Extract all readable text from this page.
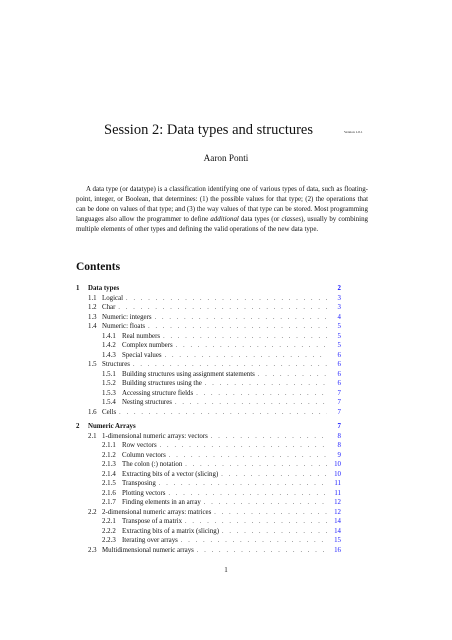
Session 2: Data types and structures	Version 1.0.1
Aaron Ponti

A data type (or datatype) is a classification identifying one of various types of data, such as floating-point, integer, or Boolean, that determines: (1) the possible values for that type; (2) the operations that can be done on values of that type; and (3) the way values of that type can be stored. Most programming languages also allow the programmer to define additional data types (or classes), usually by combining multiple elements of other types and defining the valid operations of the new data type.

Contents
1	Data types	2
1.1 Logical . . .	3
1.2 Char . . .	3
1.3 Numeric: integers . . .	4
1.4 Numeric: floats . . .	5
1.4.1 Real numbers . . .	5
1.4.2 Complex numbers . . .	5
1.4.3 Special values . . .	6
1.5 Structures . . .	6
1.5.1 Building structures using assignment statements . . .	6
1.5.2 Building structures using the . . .	6
1.5.3 Accessing structure fields . . .	7
1.5.4 Nesting structures . . .	7
1.6 Cells . . .	7
2	Numeric Arrays	7
2.1 1-dimensional numeric arrays: vectors . . .	8
2.1.1 Row vectors . . .	8
2.1.2 Column vectors . . .	9
2.1.3 The colon (:) notation . . .	10
2.1.4 Extracting bits of a vector (slicing) . . .	10
2.1.5 Transposing . . .	11
2.1.6 Plotting vectors . . .	11
2.1.7 Finding elements in an array . . .	12
2.2 2-dimensional numeric arrays: matrices . . .	12
2.2.1 Transpose of a matrix . . .	14
2.2.2 Extracting bits of a matrix (slicing) . . .	14
2.2.3 Iterating over arrays . . .	15
2.3 Multidimensional numeric arrays . . .	16
1
